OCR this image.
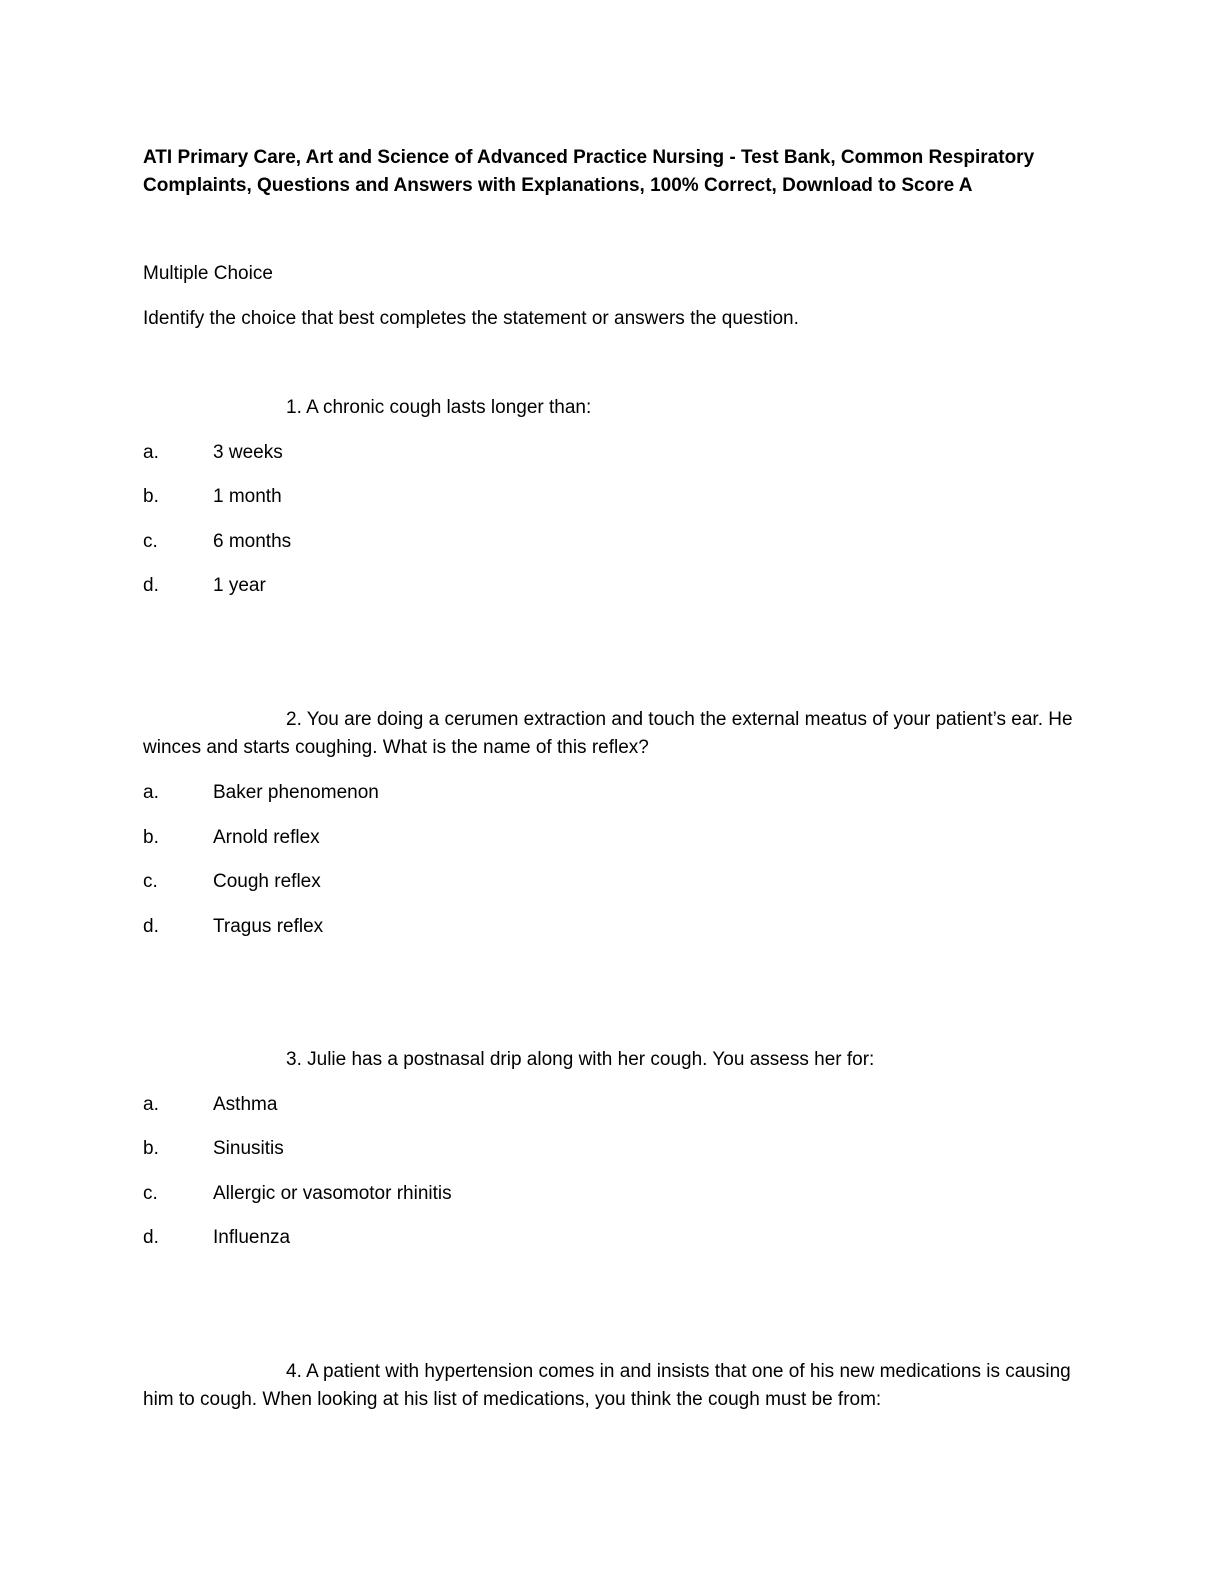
ATI Primary Care, Art and Science of Advanced Practice Nursing - Test Bank, Common Respiratory Complaints, Questions and Answers with Explanations, 100% Correct, Download to Score A

Multiple Choice

Identify the choice that best completes the statement or answers the question.

1. A chronic cough lasts longer than:

a.	3 weeks
b.	1 month
c.	6 months
d.	1 year

2. You are doing a cerumen extraction and touch the external meatus of your patient’s ear. He winces and starts coughing. What is the name of this reflex?

a.	Baker phenomenon
b.	Arnold reflex
c.	Cough reflex
d.	Tragus reflex

3. Julie has a postnasal drip along with her cough. You assess her for:

a.	Asthma
b.	Sinusitis
c.	Allergic or vasomotor rhinitis
d.	Influenza

4. A patient with hypertension comes in and insists that one of his new medications is causing him to cough. When looking at his list of medications, you think the cough must be from:
